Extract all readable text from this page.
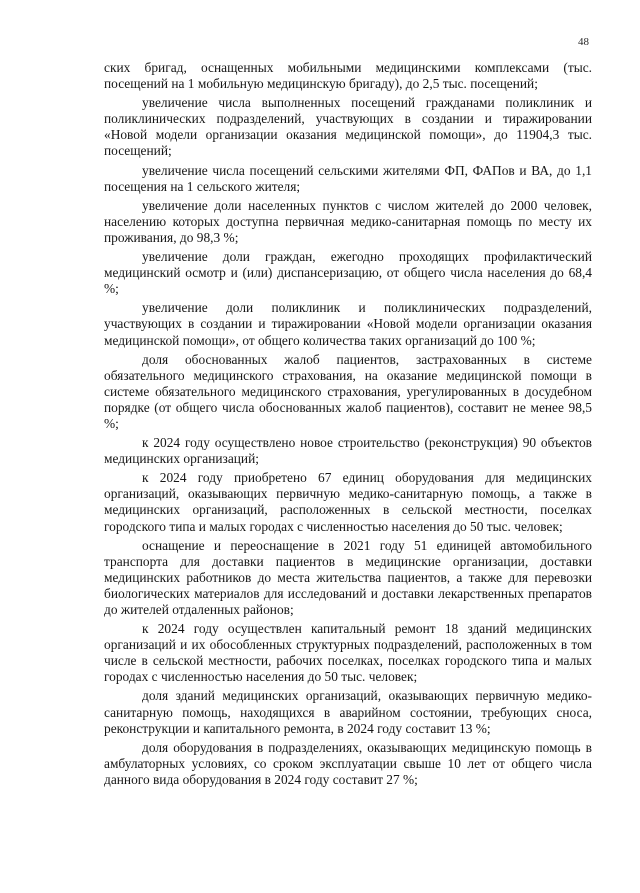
48

ских бригад, оснащенных мобильными медицинскими комплексами (тыс. посещений на 1 мобильную медицинскую бригаду), до 2,5 тыс. посещений;

увеличение числа выполненных посещений гражданами поликлиник и поликлинических подразделений, участвующих в создании и тиражировании «Новой модели организации оказания медицинской помощи», до 11904,3 тыс. посещений;

увеличение числа посещений сельскими жителями ФП, ФАПов и ВА, до 1,1 посещения на 1 сельского жителя;

увеличение доли населенных пунктов с числом жителей до 2000 человек, населению которых доступна первичная медико-санитарная помощь по месту их проживания, до 98,3 %;

увеличение доли граждан, ежегодно проходящих профилактический медицинский осмотр и (или) диспансеризацию, от общего числа населения до 68,4 %;

увеличение доли поликлиник и поликлинических подразделений, участвующих в создании и тиражировании «Новой модели организации оказания медицинской помощи», от общего количества таких организаций до 100 %;

доля обоснованных жалоб пациентов, застрахованных в системе обязательного медицинского страхования, на оказание медицинской помощи в системе обязательного медицинского страхования, урегулированных в досудебном порядке (от общего числа обоснованных жалоб пациентов), составит не менее 98,5 %;

к 2024 году осуществлено новое строительство (реконструкция) 90 объектов медицинских организаций;

к 2024 году приобретено 67 единиц оборудования для медицинских организаций, оказывающих первичную медико-санитарную помощь, а также в медицинских организаций, расположенных в сельской местности, поселках городского типа и малых городах с численностью населения до 50 тыс. человек;

оснащение и переоснащение в 2021 году 51 единицей автомобильного транспорта для доставки пациентов в медицинские организации, доставки медицинских работников до места жительства пациентов, а также для перевозки биологических материалов для исследований и доставки лекарственных препаратов до жителей отдаленных районов;

к 2024 году осуществлен капитальный ремонт 18 зданий медицинских организаций и их обособленных структурных подразделений, расположенных в том числе в сельской местности, рабочих поселках, поселках городского типа и малых городах с численностью населения до 50 тыс. человек;

доля зданий медицинских организаций, оказывающих первичную медико-санитарную помощь, находящихся в аварийном состоянии, требующих сноса, реконструкции и капитального ремонта, в 2024 году составит 13 %;

доля оборудования в подразделениях, оказывающих медицинскую помощь в амбулаторных условиях, со сроком эксплуатации свыше 10 лет от общего числа данного вида оборудования в 2024 году составит 27 %;
